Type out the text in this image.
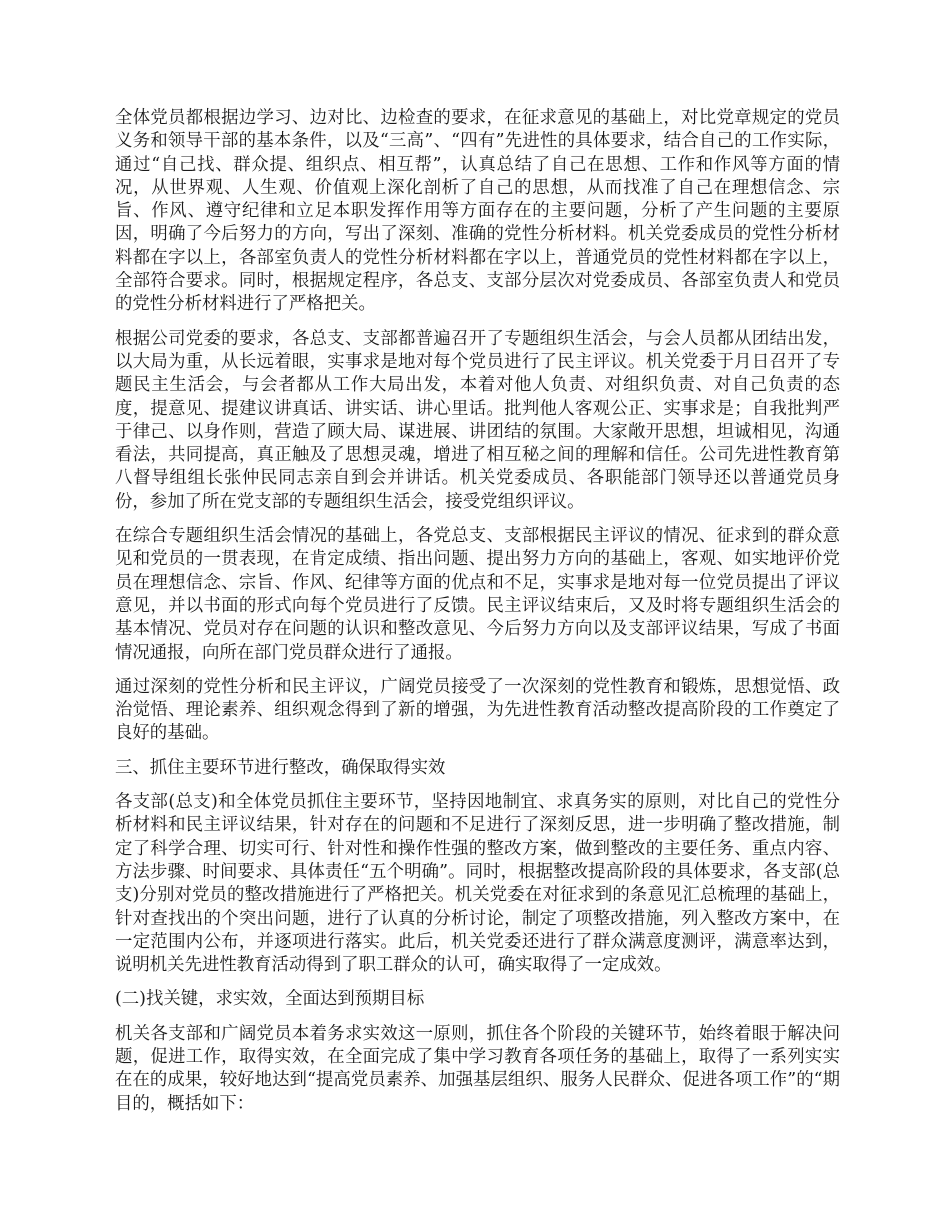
全体党员都根据边学习、边对比、边检查的要求，在征求意见的基础上，对比党章规定的党员义务和领导干部的基本条件，以及“三高”、“四有”先进性的具体要求，结合自己的工作实际，通过“自己找、群众提、组织点、相互帮”，认真总结了自己在思想、工作和作风等方面的情况，从世界观、人生观、价值观上深化剖析了自己的思想，从而找准了自己在理想信念、宗旨、作风、遵守纪律和立足本职发挥作用等方面存在的主要问题，分析了产生问题的主要原因，明确了今后努力的方向，写出了深刻、准确的党性分析材料。机关党委成员的党性分析材料都在字以上，各部室负责人的党性分析材料都在字以上，普通党员的党性材料都在字以上，全部符合要求。同时，根据规定程序，各总支、支部分层次对党委成员、各部室负责人和党员的党性分析材料进行了严格把关。

根据公司党委的要求，各总支、支部都普遍召开了专题组织生活会，与会人员都从团结出发，以大局为重，从长远着眼，实事求是地对每个党员进行了民主评议。机关党委于月日召开了专题民主生活会，与会者都从工作大局出发，本着对他人负责、对组织负责、对自己负责的态度，提意见、提建议讲真话、讲实话、讲心里话。批判他人客观公正、实事求是；自我批判严于律己、以身作则，营造了顾大局、谋进展、讲团结的氛围。大家敞开思想，坦诚相见，沟通看法，共同提高，真正触及了思想灵魂，增进了相互秘之间的理解和信任。公司先进性教育第八督导组组长张仲民同志亲自到会并讲话。机关党委成员、各职能部门领导还以普通党员身份，参加了所在党支部的专题组织生活会，接受党组织评议。

在综合专题组织生活会情况的基础上，各党总支、支部根据民主评议的情况、征求到的群众意见和党员的一贯表现，在肯定成绩、指出问题、提出努力方向的基础上，客观、如实地评价党员在理想信念、宗旨、作风、纪律等方面的优点和不足，实事求是地对每一位党员提出了评议意见，并以书面的形式向每个党员进行了反馈。民主评议结束后，又及时将专题组织生活会的基本情况、党员对存在问题的认识和整改意见、今后努力方向以及支部评议结果，写成了书面情况通报，向所在部门党员群众进行了通报。

通过深刻的党性分析和民主评议，广阔党员接受了一次深刻的党性教育和锻炼，思想觉悟、政治觉悟、理论素养、组织观念得到了新的增强，为先进性教育活动整改提高阶段的工作奠定了良好的基础。

三、抓住主要环节进行整改，确保取得实效

各支部(总支)和全体党员抓住主要环节，坚持因地制宜、求真务实的原则，对比自己的党性分析材料和民主评议结果，针对存在的问题和不足进行了深刻反思，进一步明确了整改措施，制定了科学合理、切实可行、针对性和操作性强的整改方案，做到整改的主要任务、重点内容、方法步骤、时间要求、具体责任“五个明确”。同时，根据整改提高阶段的具体要求，各支部(总支)分别对党员的整改措施进行了严格把关。机关党委在对征求到的条意见汇总梳理的基础上，针对查找出的个突出问题，进行了认真的分析讨论，制定了项整改措施，列入整改方案中，在一定范围内公布，并逐项进行落实。此后，机关党委还进行了群众满意度测评，满意率达到，说明机关先进性教育活动得到了职工群众的认可，确实取得了一定成效。

(二)找关键，求实效，全面达到预期目标

机关各支部和广阔党员本着务求实效这一原则，抓住各个阶段的关键环节，始终着眼于解决问题，促进工作，取得实效，在全面完成了集中学习教育各项任务的基础上，取得了一系列实实在在的成果，较好地达到“提高党员素养、加强基层组织、服务人民群众、促进各项工作”的“期目的，概括如下：
